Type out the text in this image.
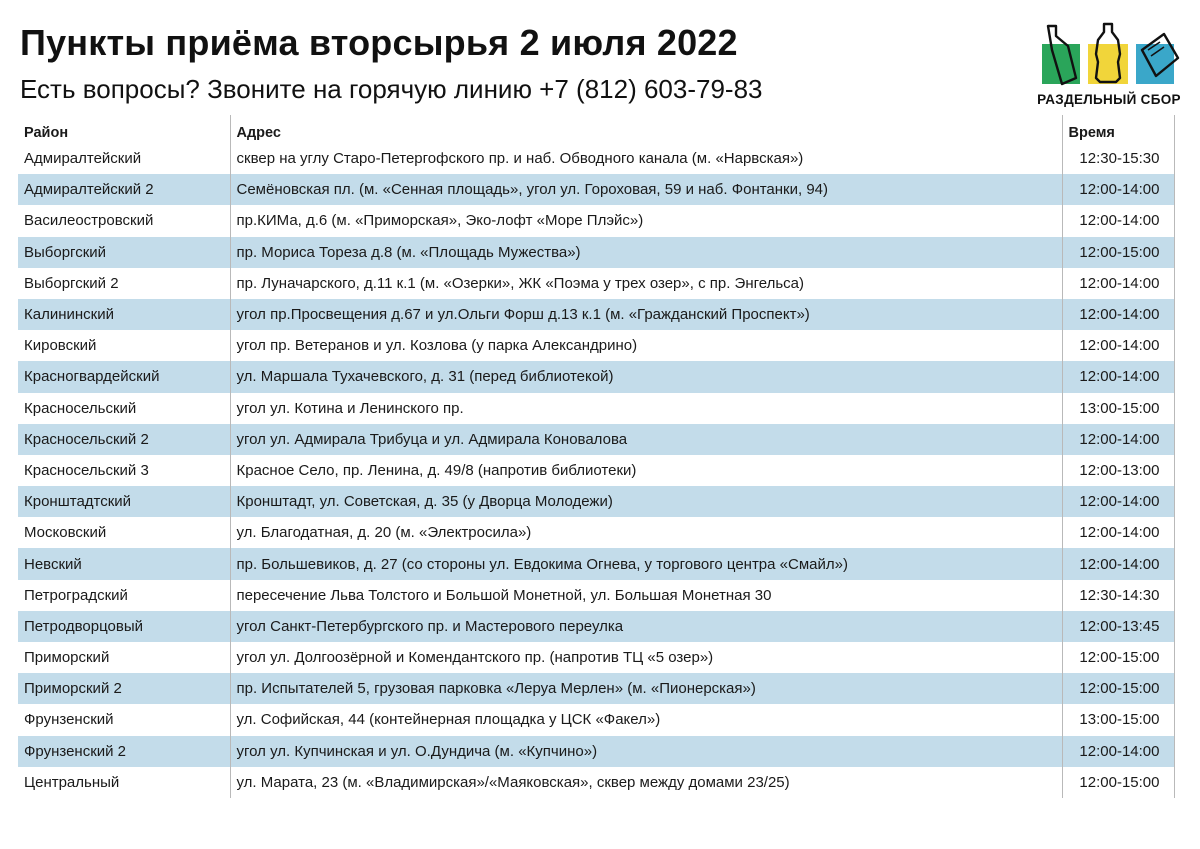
Пункты приёма вторсырья 2 июля 2022
Есть вопросы? Звоните на горячую линию +7 (812) 603-79-83	РАЗДЕЛЬНЫЙ СБОР
Район	Адрес	Время
Адмиралтейский	сквер на углу Старо-Петергофского пр. и наб. Обводного канала (м. «Нарвская»)	12:30-15:30
Адмиралтейский 2	Семёновская пл. (м. «Сенная площадь», угол ул. Гороховая, 59 и наб. Фонтанки, 94)	12:00-14:00
Василеостровский	пр.КИМа, д.6 (м. «Приморская», Эко-лофт «Море Плэйс»)	12:00-14:00
Выборгский	пр. Мориса Тореза д.8 (м. «Площадь Мужества»)	12:00-15:00
Выборгский 2	пр. Луначарского, д.11 к.1 (м. «Озерки», ЖК «Поэма у трех озер», с пр. Энгельса)	12:00-14:00
Калининский	угол пр.Просвещения д.67 и ул.Ольги Форш д.13 к.1 (м. «Гражданский Проспект»)	12:00-14:00
Кировский	угол пр. Ветеранов и ул. Козлова (у парка Александрино)	12:00-14:00
Красногвардейский	ул. Маршала Тухачевского, д. 31 (перед библиотекой)	12:00-14:00
Красносельский	угол ул. Котина и Ленинского пр.	13:00-15:00
Красносельский 2	угол ул. Адмирала Трибуца и ул. Адмирала Коновалова	12:00-14:00
Красносельский 3	Красное Село, пр. Ленина, д. 49/8 (напротив библиотеки)	12:00-13:00
Кронштадтский	Кронштадт, ул. Советская, д. 35 (у Дворца Молодежи)	12:00-14:00
Московский	ул. Благодатная, д. 20 (м. «Электросила»)	12:00-14:00
Невский	пр. Большевиков, д. 27 (со стороны ул. Евдокима Огнева, у торгового центра «Смайл»)	12:00-14:00
Петроградский	пересечение Льва Толстого и Большой Монетной, ул. Большая Монетная 30	12:30-14:30
Петродворцовый	угол Санкт-Петербургского пр. и Мастерового переулка	12:00-13:45
Приморский	угол ул. Долгоозёрной и Комендантского пр. (напротив ТЦ «5 озер»)	12:00-15:00
Приморский 2	пр. Испытателей 5, грузовая парковка «Леруа Мерлен» (м. «Пионерская»)	12:00-15:00
Фрунзенский	ул. Софийская, 44 (контейнерная площадка у ЦСК «Факел»)	13:00-15:00
Фрунзенский 2	угол ул. Купчинская и ул. О.Дундича (м. «Купчино»)	12:00-14:00
Центральный	ул. Марата, 23 (м. «Владимирская»/«Маяковская», сквер между домами 23/25)	12:00-15:00
